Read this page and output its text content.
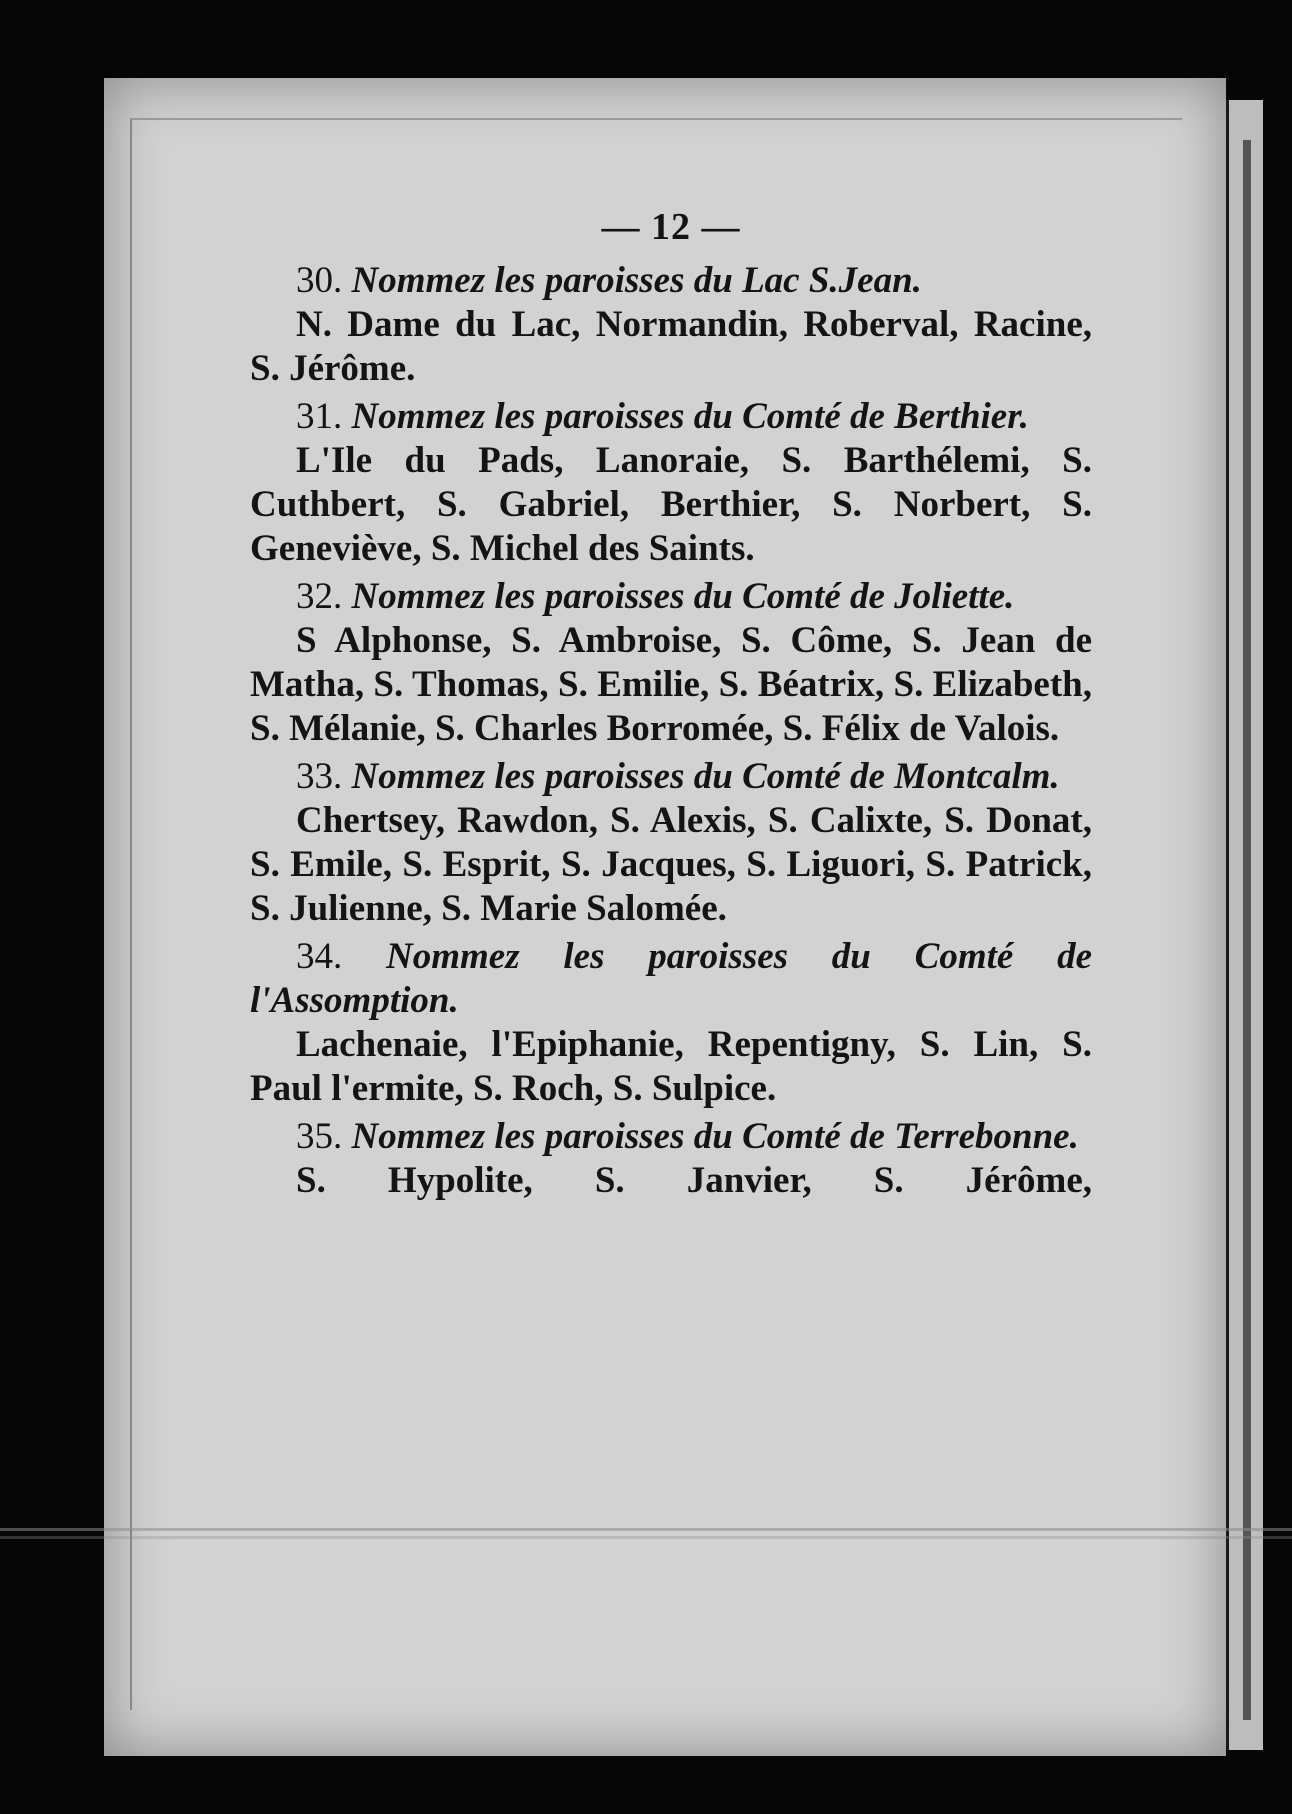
— 12 —

30. Nommez les paroisses du Lac S.Jean.

N. Dame du Lac, Normandin, Roberval, Racine, S. Jérôme.

31. Nommez les paroisses du Comté de Berthier.

L'Ile du Pads, Lanoraie, S. Barthélemi, S. Cuthbert, S. Gabriel, Berthier, S. Norbert, S. Geneviève, S. Michel des Saints.

32. Nommez les paroisses du Comté de Joliette.

S Alphonse, S. Ambroise, S. Côme, S. Jean de Matha, S. Thomas, S. Emilie, S. Béatrix, S. Elizabeth, S. Mélanie, S. Charles Borromée, S. Félix de Valois.

33. Nommez les paroisses du Comté de Montcalm.

Chertsey, Rawdon, S. Alexis, S. Calixte, S. Donat, S. Emile, S. Esprit, S. Jacques, S. Liguori, S. Patrick, S. Julienne, S. Marie Salomée.

34. Nommez les paroisses du Comté de l'Assomption.

Lachenaie, l'Epiphanie, Repentigny, S. Lin, S. Paul l'ermite, S. Roch, S. Sulpice.

35. Nommez les paroisses du Comté de Terrebonne.

S. Hypolite, S. Janvier, S. Jérôme,
